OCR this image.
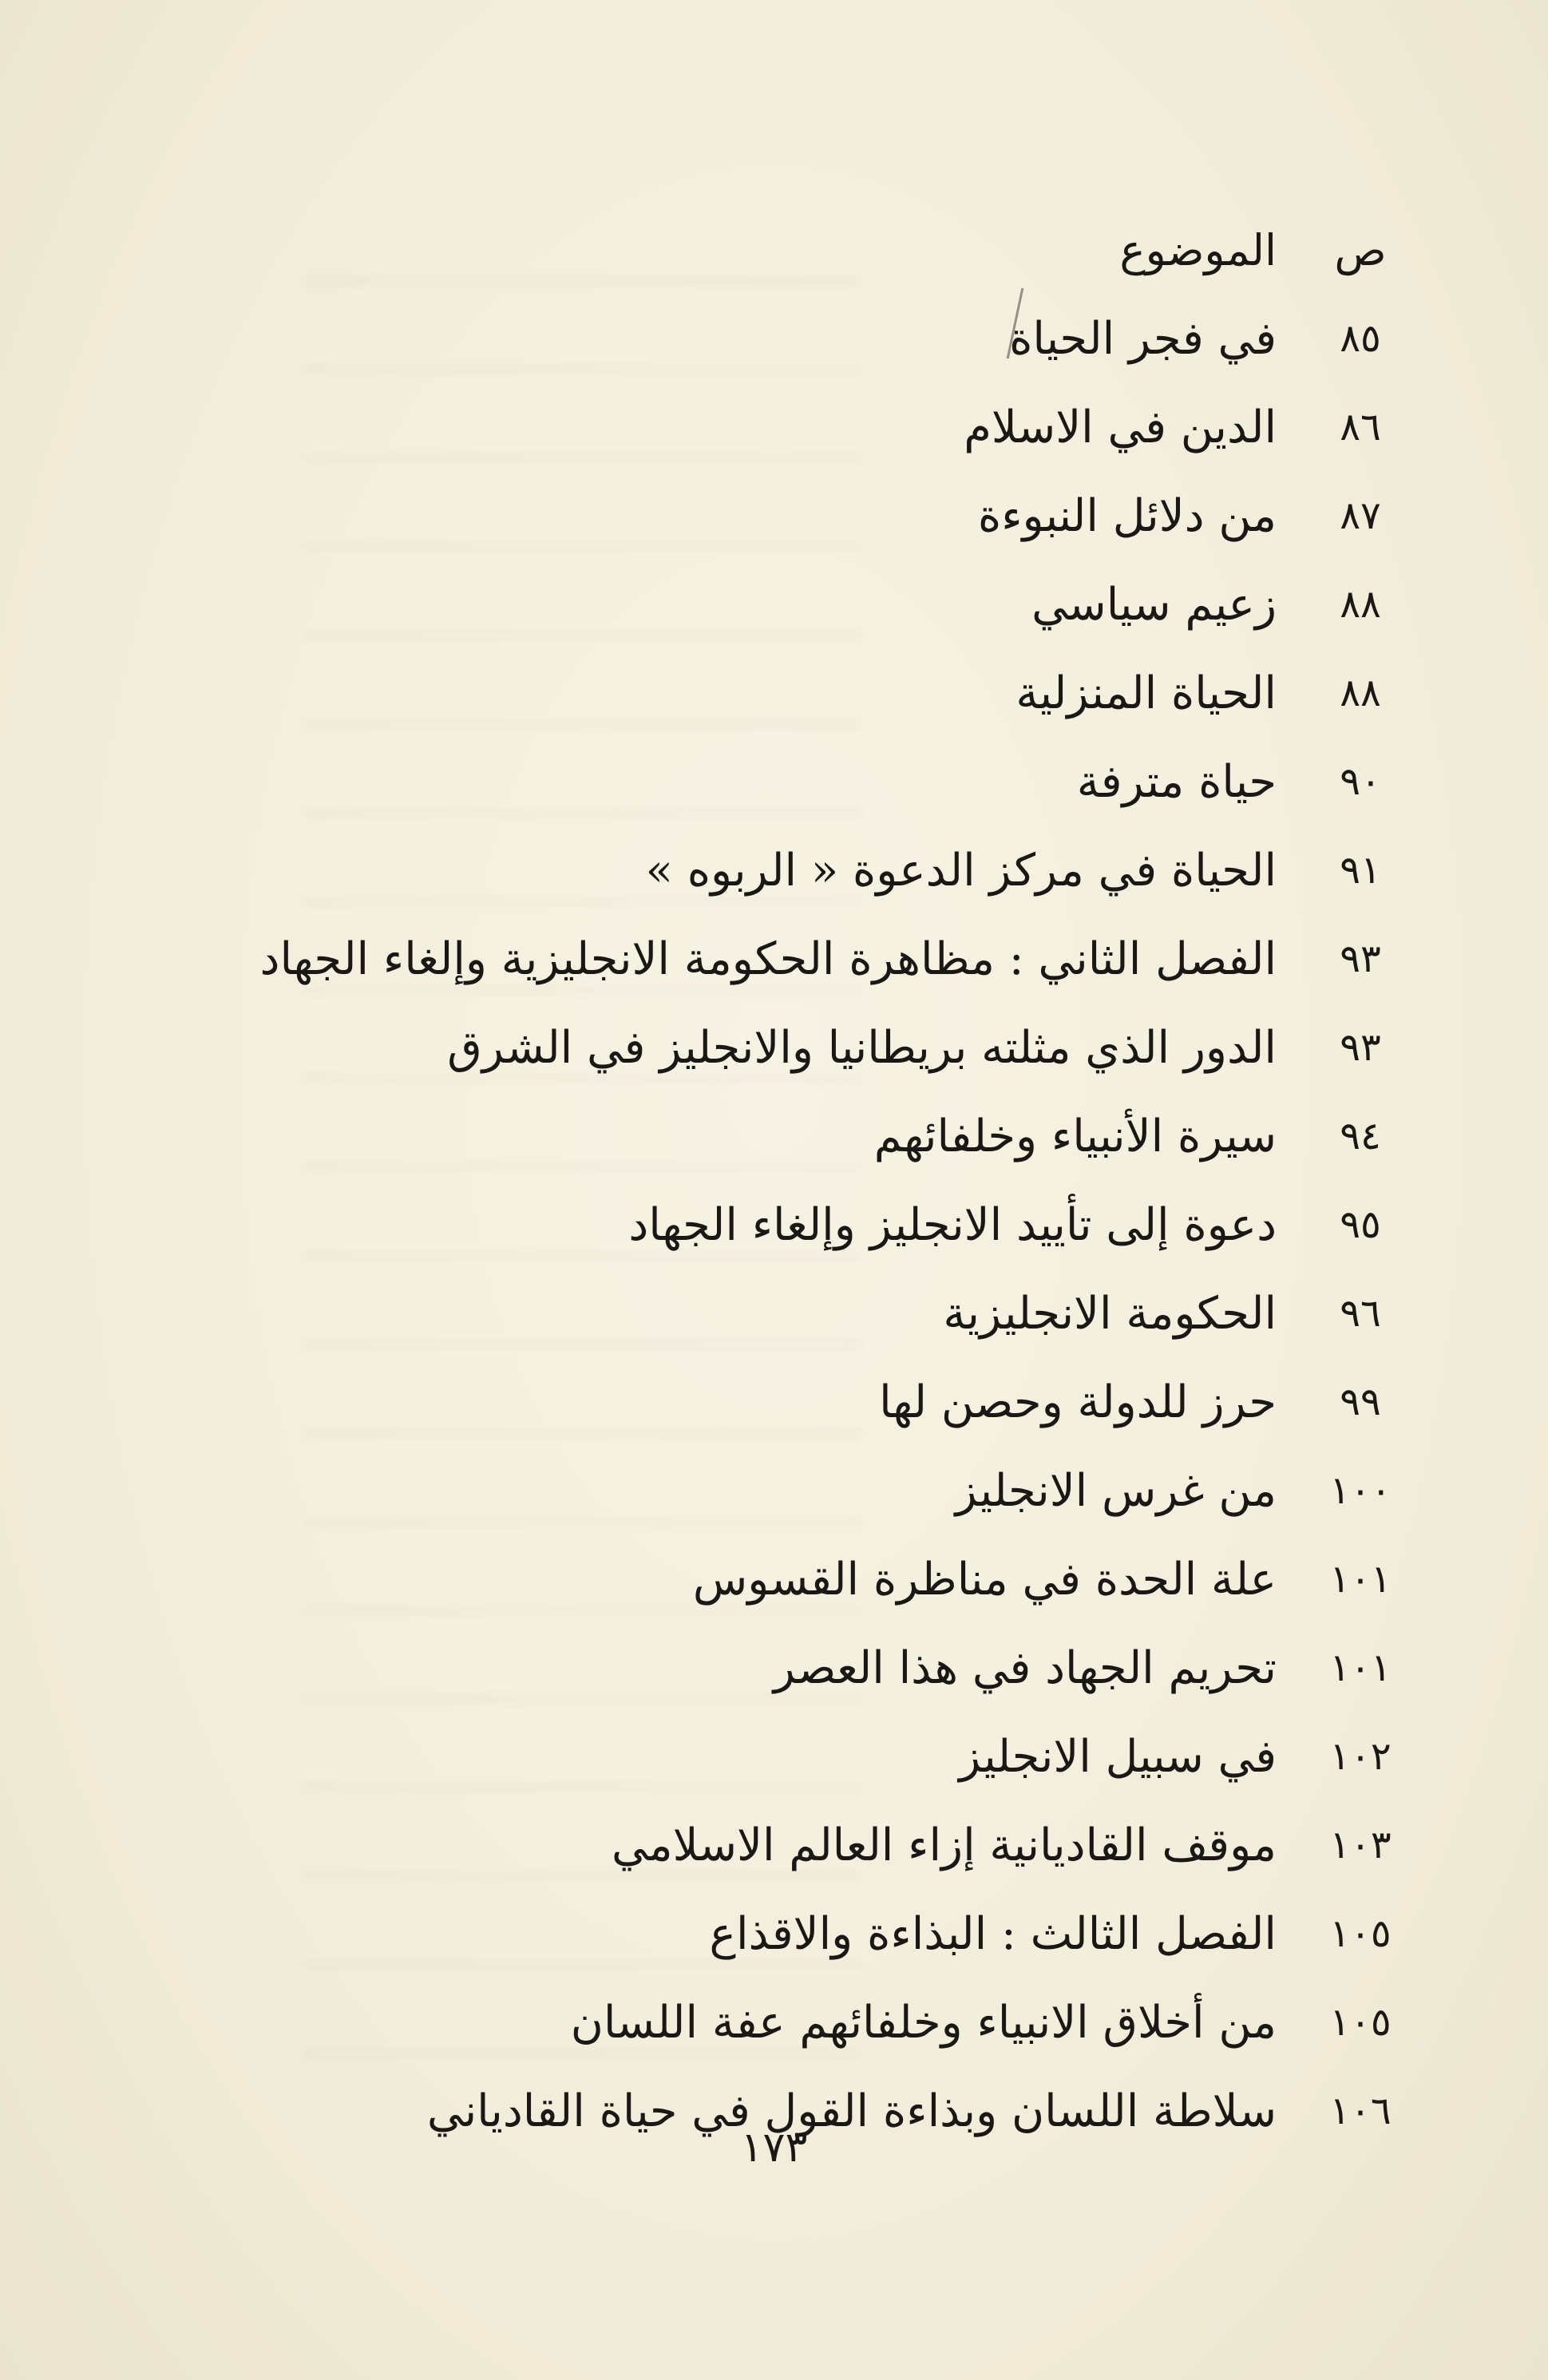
ص
الموضوع
٨٥
في فجر الحياة
٨٦
الدين في الاسلام
٨٧
من دلائل النبوءة
٨٨
زعيم سياسي
٨٨
الحياة المنزلية
٩٠
حياة مترفة
٩١
الحياة في مركز الدعوة « الربوه »
٩٣
الفصل الثاني : مظاهرة الحكومة الانجليزية وإلغاء الجهاد
٩٣
الدور الذي مثلته بريطانيا والانجليز في الشرق
٩٤
سيرة الأنبياء وخلفائهم
٩٥
دعوة إلى تأييد الانجليز وإلغاء الجهاد
٩٦
الحكومة الانجليزية
٩٩
حرز للدولة وحصن لها
١٠٠
من غرس الانجليز
١٠١
علة الحدة في مناظرة القسوس
١٠١
تحريم الجهاد في هذا العصر
١٠٢
في سبيل الانجليز
١٠٣
موقف القاديانية إزاء العالم الاسلامي
١٠٥
الفصل الثالث : البذاءة والاقذاع
١٠٥
من أخلاق الانبياء وخلفائهم عفة اللسان
١٠٦
سلاطة اللسان وبذاءة القول في حياة القادياني
١٧٣
